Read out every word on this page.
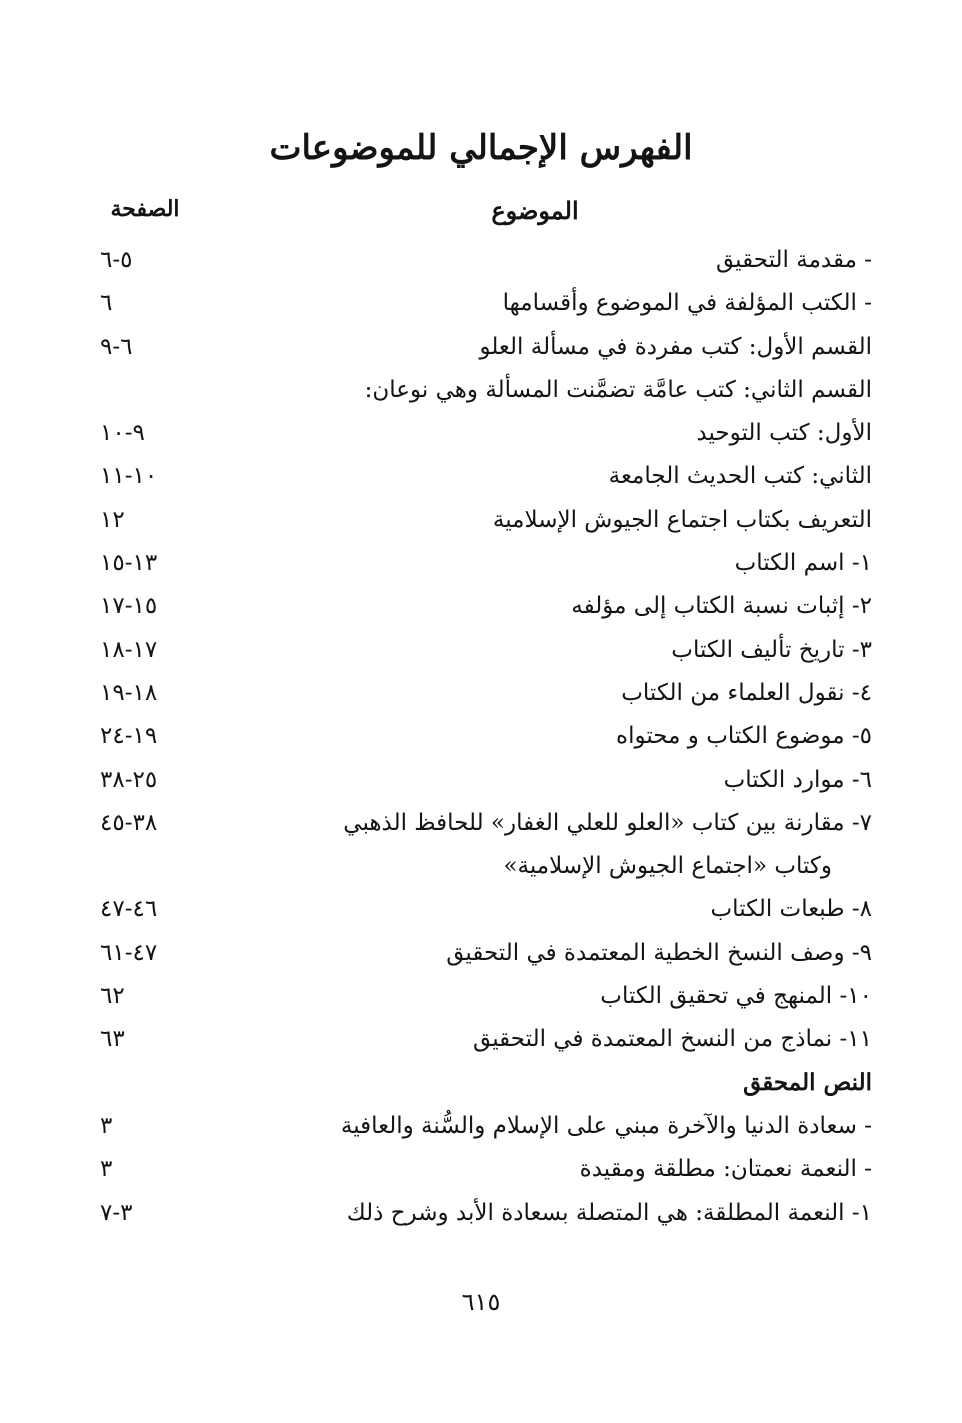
الفهرس الإجمالي للموضوعات
الموضوع
الصفحة
- مقدمة التحقيق
٥-٦
- الكتب المؤلفة في الموضوع وأقسامها
٦
القسم الأول: كتب مفردة في مسألة العلو
٦-٩
القسم الثاني: كتب عامَّة تضمَّنت المسألة وهي نوعان:
الأول: كتب التوحيد
٩-١٠
الثاني: كتب الحديث الجامعة
١٠-١١
التعريف بكتاب اجتماع الجيوش الإسلامية
١٢
١- اسم الكتاب
١٣-١٥
٢- إثبات نسبة الكتاب إلى مؤلفه
١٥-١٧
٣- تاريخ تأليف الكتاب
١٧-١٨
٤- نقول العلماء من الكتاب
١٨-١٩
٥- موضوع الكتاب و محتواه
١٩-٢٤
٦- موارد الكتاب
٢٥-٣٨
٧- مقارنة بين كتاب «العلو للعلي الغفار» للحافظ الذهبي
٣٨-٤٥
وكتاب «اجتماع الجيوش الإسلامية»
٨- طبعات الكتاب
٤٦-٤٧
٩- وصف النسخ الخطية المعتمدة في التحقيق
٤٧-٦١
١٠- المنهج في تحقيق الكتاب
٦٢
١١- نماذج من النسخ المعتمدة في التحقيق
٦٣
النص المحقق
- سعادة الدنيا والآخرة مبني على الإسلام والسُّنة والعافية
٣
- النعمة نعمتان: مطلقة ومقيدة
٣
١- النعمة المطلقة: هي المتصلة بسعادة الأبد وشرح ذلك
٣-٧
٦١٥
